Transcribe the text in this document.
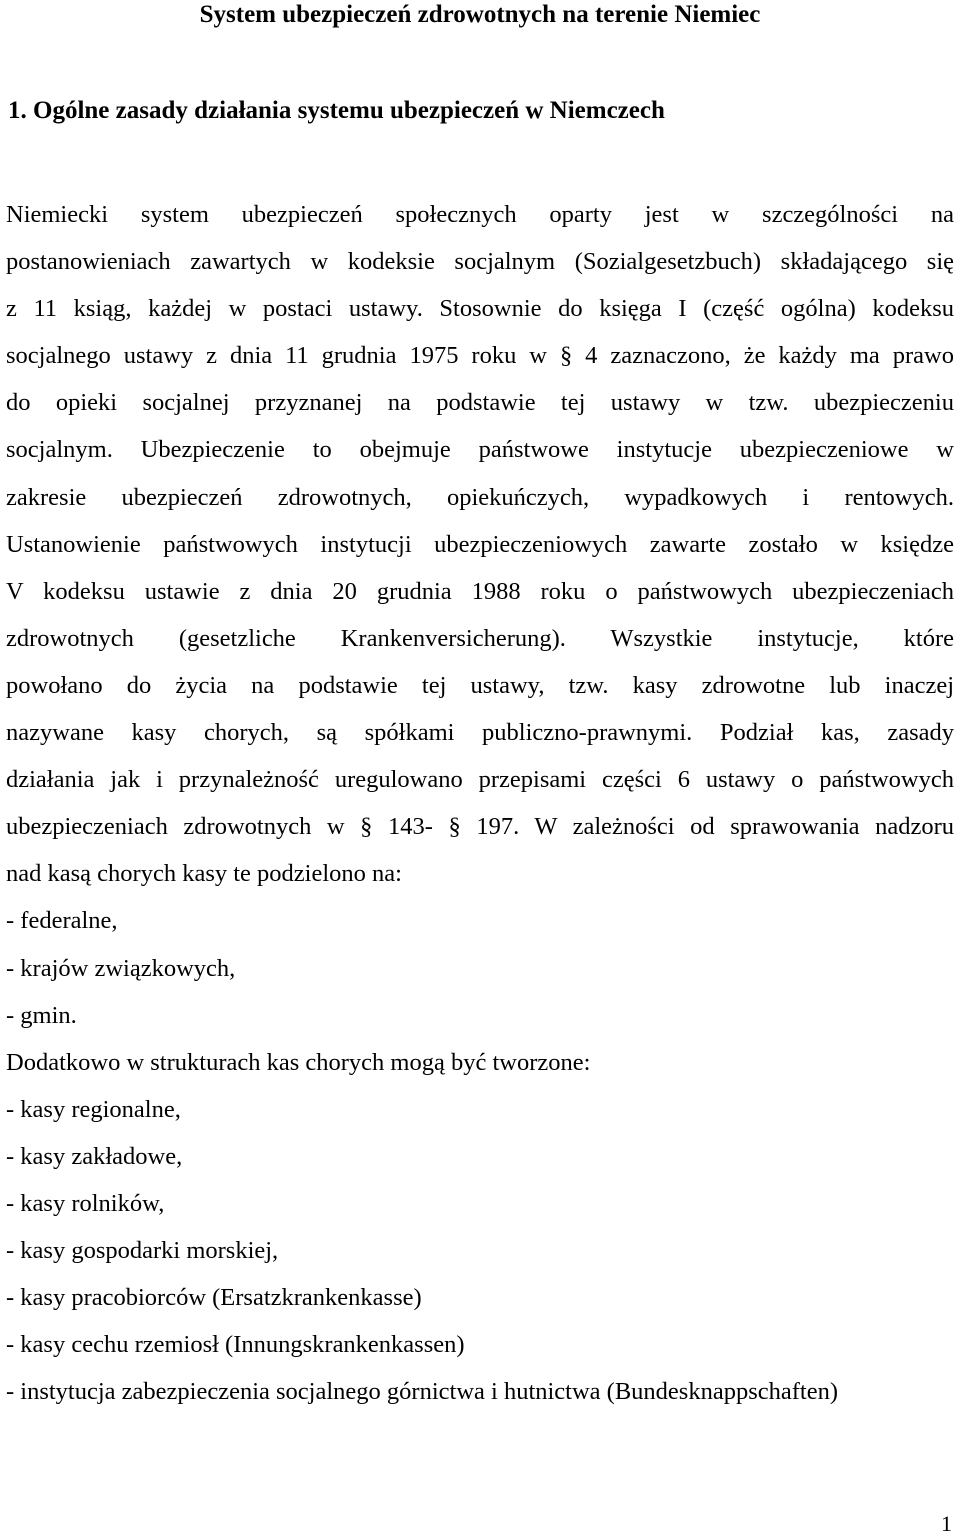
System ubezpieczeń zdrowotnych na terenie Niemiec
1. Ogólne zasady działania systemu ubezpieczeń w Niemczech
Niemiecki system ubezpieczeń społecznych oparty jest w szczególności na
postanowieniach zawartych w kodeksie socjalnym (Sozialgesetzbuch) składającego się
z 11 ksiąg, każdej w postaci ustawy. Stosownie do księga I (część ogólna) kodeksu
socjalnego ustawy z dnia 11 grudnia 1975 roku w § 4 zaznaczono, że każdy ma prawo
do opieki socjalnej przyznanej na podstawie tej ustawy w tzw. ubezpieczeniu
socjalnym. Ubezpieczenie to obejmuje państwowe instytucje ubezpieczeniowe w
zakresie ubezpieczeń zdrowotnych, opiekuńczych, wypadkowych i rentowych.
Ustanowienie państwowych instytucji ubezpieczeniowych zawarte zostało w księdze
V kodeksu ustawie z dnia 20 grudnia 1988 roku o państwowych ubezpieczeniach
zdrowotnych (gesetzliche Krankenversicherung). Wszystkie instytucje, które
powołano do życia na podstawie tej ustawy, tzw. kasy zdrowotne lub inaczej
nazywane kasy chorych, są spółkami publiczno-prawnymi. Podział kas, zasady
działania jak i przynależność uregulowano przepisami części 6 ustawy o państwowych
ubezpieczeniach zdrowotnych w § 143- § 197. W zależności od sprawowania nadzoru
nad kasą chorych kasy te podzielono na:
- federalne,
- krajów związkowych,
- gmin.
Dodatkowo w strukturach kas chorych mogą być tworzone:
- kasy regionalne,
- kasy zakładowe,
- kasy rolników,
- kasy gospodarki morskiej,
- kasy pracobiorców (Ersatzkrankenkasse)
- kasy cechu rzemiosł (Innungskrankenkassen)
- instytucja zabezpieczenia socjalnego górnictwa i hutnictwa (Bundesknappschaften)
1
